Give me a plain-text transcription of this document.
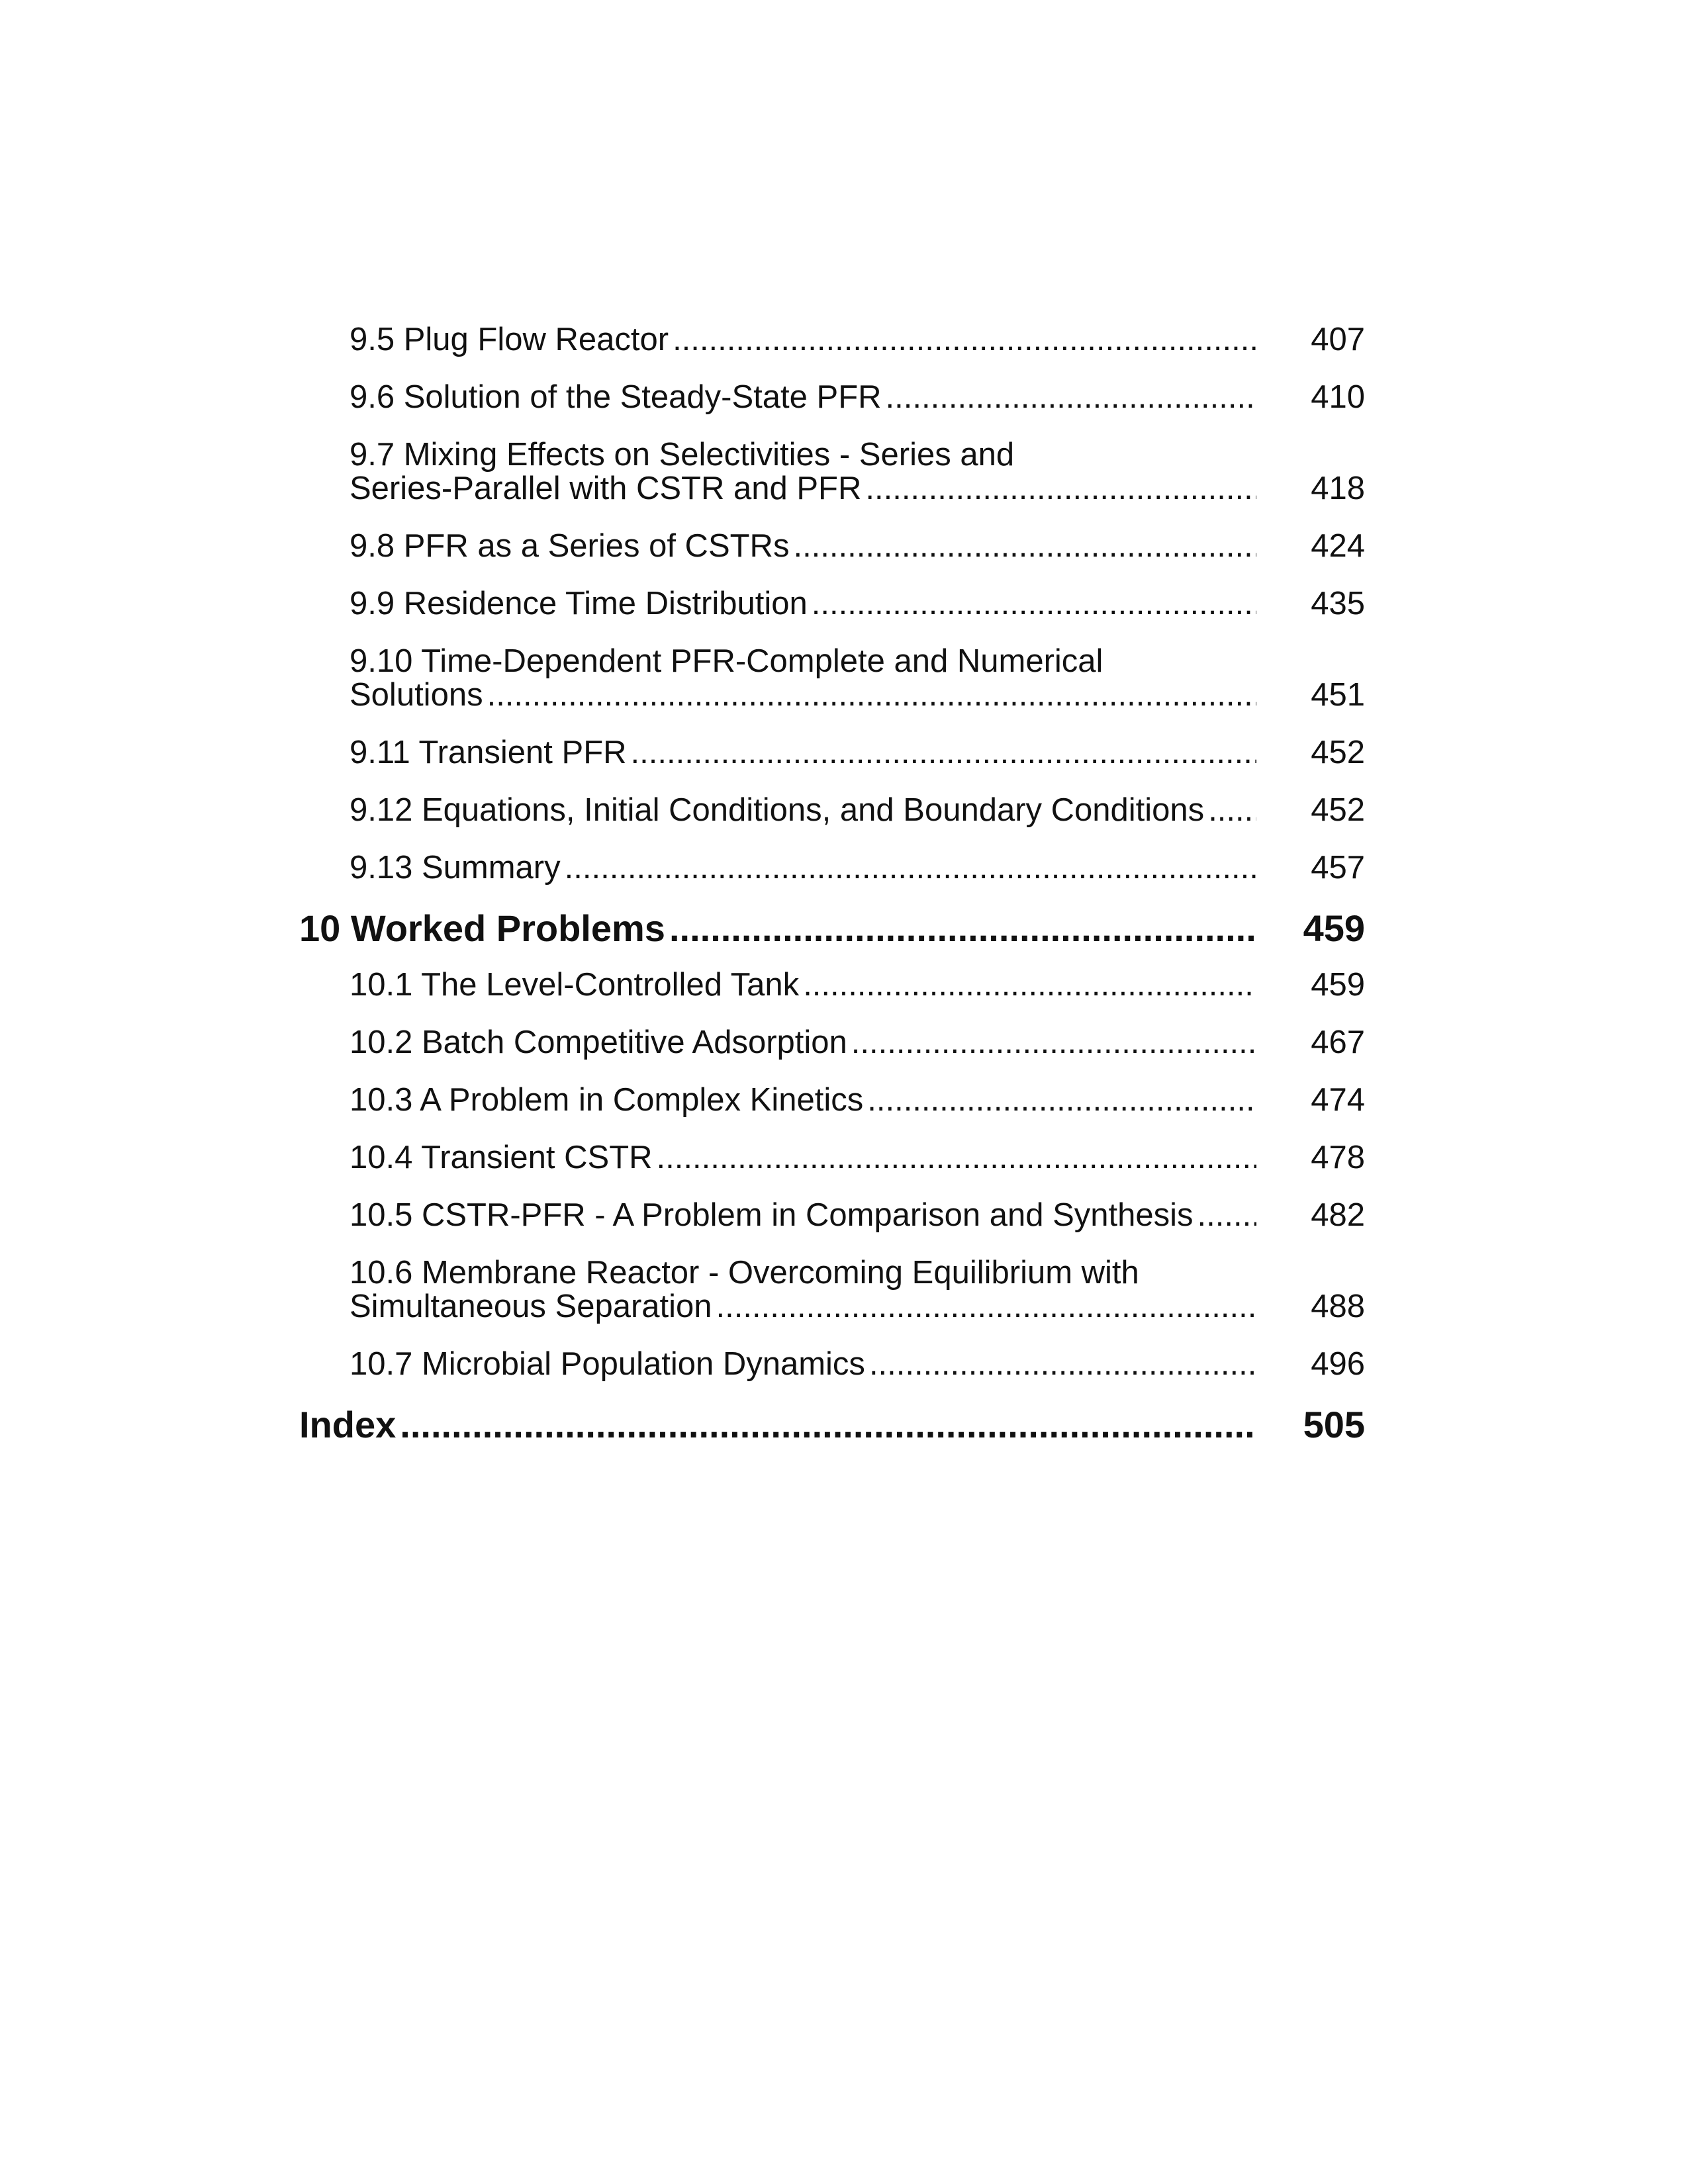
9.5 Plug Flow Reactor .....	407
9.6 Solution of the Steady-State PFR .....	410
9.7 Mixing Effects on Selectivities - Series and
Series-Parallel with CSTR and PFR .....	418
9.8 PFR as a Series of CSTRs .....	424
9.9 Residence Time Distribution .....	435
9.10 Time-Dependent PFR-Complete and Numerical
Solutions .....	451
9.11 Transient PFR .....	452
9.12 Equations, Initial Conditions, and Boundary Conditions .....	452
9.13 Summary .....	457
10 Worked Problems .....	459
10.1 The Level-Controlled Tank .....	459
10.2 Batch Competitive Adsorption .....	467
10.3 A Problem in Complex Kinetics .....	474
10.4 Transient CSTR .....	478
10.5 CSTR-PFR - A Problem in Comparison and Synthesis .....	482
10.6 Membrane Reactor - Overcoming Equilibrium with
Simultaneous Separation .....	488
10.7 Microbial Population Dynamics .....	496
Index .....	505
